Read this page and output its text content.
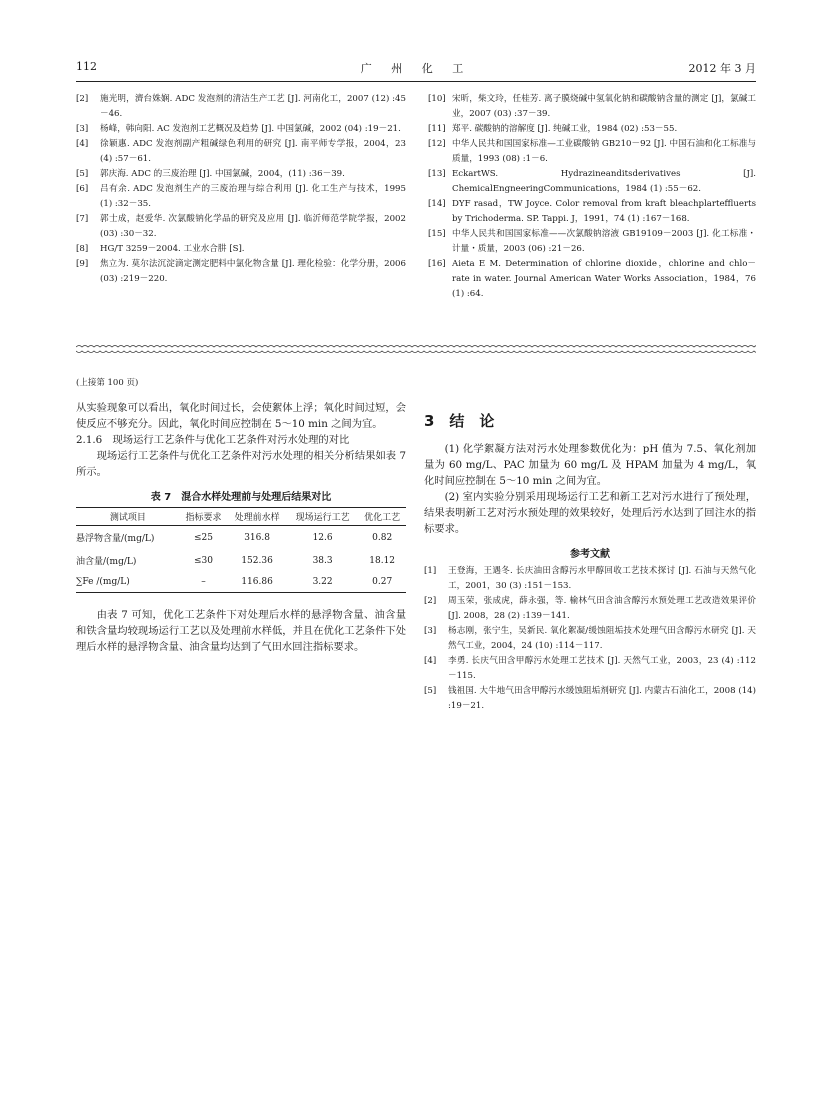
112	广 州 化 工	2012 年 3 月
[2]	施光明，濟台姝娴. ADC 发泡剂的清洁生产工艺 [J]. 河南化工，2007 (12) :45－46.
[3]	杨峰，韩向阳. AC 发泡剂工艺概况及趋势 [J]. 中国氯碱，2002 (04) :19－21.
[4]	徐颖惠. ADC 发泡剂副产粗碱绿色利用的研究 [J]. 南平师专学报，2004，23 (4) :57－61.
[5]	郭庆海. ADC 的三废治理 [J]. 中国氯碱，2004，(11) :36－39.
[6]	吕有余. ADC 发泡剂生产的三废治理与综合利用 [J]. 化工生产与技术，1995 (1) :32－35.
[7]	郭士成，赵爱华. 次氯酸钠化学品的研究及应用 [J]. 临沂师范学院学报，2002 (03) :30－32.
[8]	HG/T 3259－2004. 工业水合肼 [S].
[9]	焦立为. 莫尔法沉淀滴定测定肥料中氯化物含量 [J]. 理化检验：化学分册，2006 (03) :219－220.
[10] 宋昕，柴文玲，任桂芳. 离子膜烧碱中氢氧化钠和碳酸钠含量的测定 [J]，氯碱工业，2007 (03) :37－39.
[11] 郑平. 碳酸钠的溶解度 [J]. 纯碱工业，1984 (02) :53－55.
[12] 中华人民共和国国家标准—工业碳酸钠 GB210－92 [J]. 中国石油和化工标准与质量，1993 (08) :1－6.
[13] EckartWS. Hydrazineanditsderivatives [J]. ChemicalEngneeringCommunications，1984 (1) :55－62.
[14] DYF rasad，TW Joyce. Color removal from kraft bleachplarteffluerts by Trichoderma. SP. Tappi. J，1991，74 (1) :167－168.
[15] 中华人民共和国国家标准——次氯酸钠溶液 GB19109－2003 [J]. 化工标准・计量・质量，2003 (06) :21－26.
[16] Aieta E M. Determination of chlorine dioxide，chlorine and chlo－rate in water. Journal American Water Works Association，1984，76 (1) :64.
(上接第 100 页)

从实验现象可以看出，氧化时间过长，会使絮体上浮；氧化时间过短，会使反应不够充分。因此，氧化时间应控制在 5～10 min 之间为宜。

2.1.6　现场运行工艺条件与优化工艺条件对污水处理的对比

现场运行工艺条件与优化工艺条件对污水处理的相关分析结果如表 7 所示。

表 7　混合水样处理前与处理后结果对比
测试项目	指标要求	处理前水样	现场运行工艺	优化工艺
悬浮物含量/(mg/L)	≤25	316.8	12.6	0.82
油含量/(mg/L)	≤30	152.36	38.3	18.12
∑Fe /(mg/L)	–	116.86	3.22	0.27

由表 7 可知，优化工艺条件下对处理后水样的悬浮物含量、油含量和铁含量均较现场运行工艺以及处理前水样低，并且在优化工艺条件下处理后水样的悬浮物含量、油含量均达到了气田水回注指标要求。

3　结　论

(1) 化学絮凝方法对污水处理参数优化为：pH 值为 7.5、氧化剂加量为 60 mg/L、PAC 加量为 60 mg/L 及 HPAM 加量为 4 mg/L，氧化时间应控制在 5～10 min 之间为宜。

(2) 室内实验分别采用现场运行工艺和新工艺对污水进行了预处理，结果表明新工艺对污水预处理的效果较好，处理后污水达到了回注水的指标要求。

参考文献
[1]	王登海，王遇冬. 长庆油田含醇污水甲醇回收工艺技术探讨 [J]. 石油与天然气化工，2001，30 (3) :151－153.
[2]	周玉荣，张成虎，薛永强，等. 榆林气田含油含醇污水预处理工艺改造效果评价 [J]. 2008，28 (2) :139－141.
[3]	杨志刚，张宁生，吴新民. 氧化絮凝/缓蚀阻垢技术处理气田含醇污水研究 [J]. 天然气工业，2004，24 (10) :114－117.
[4]	李勇. 长庆气田含甲醇污水处理工艺技术 [J]. 天然气工业，2003，23 (4) :112－115.
[5]	钱祖国. 大牛地气田含甲醇污水缓蚀阻垢剂研究 [J]. 内蒙古石油化工，2008 (14) :19－21.
